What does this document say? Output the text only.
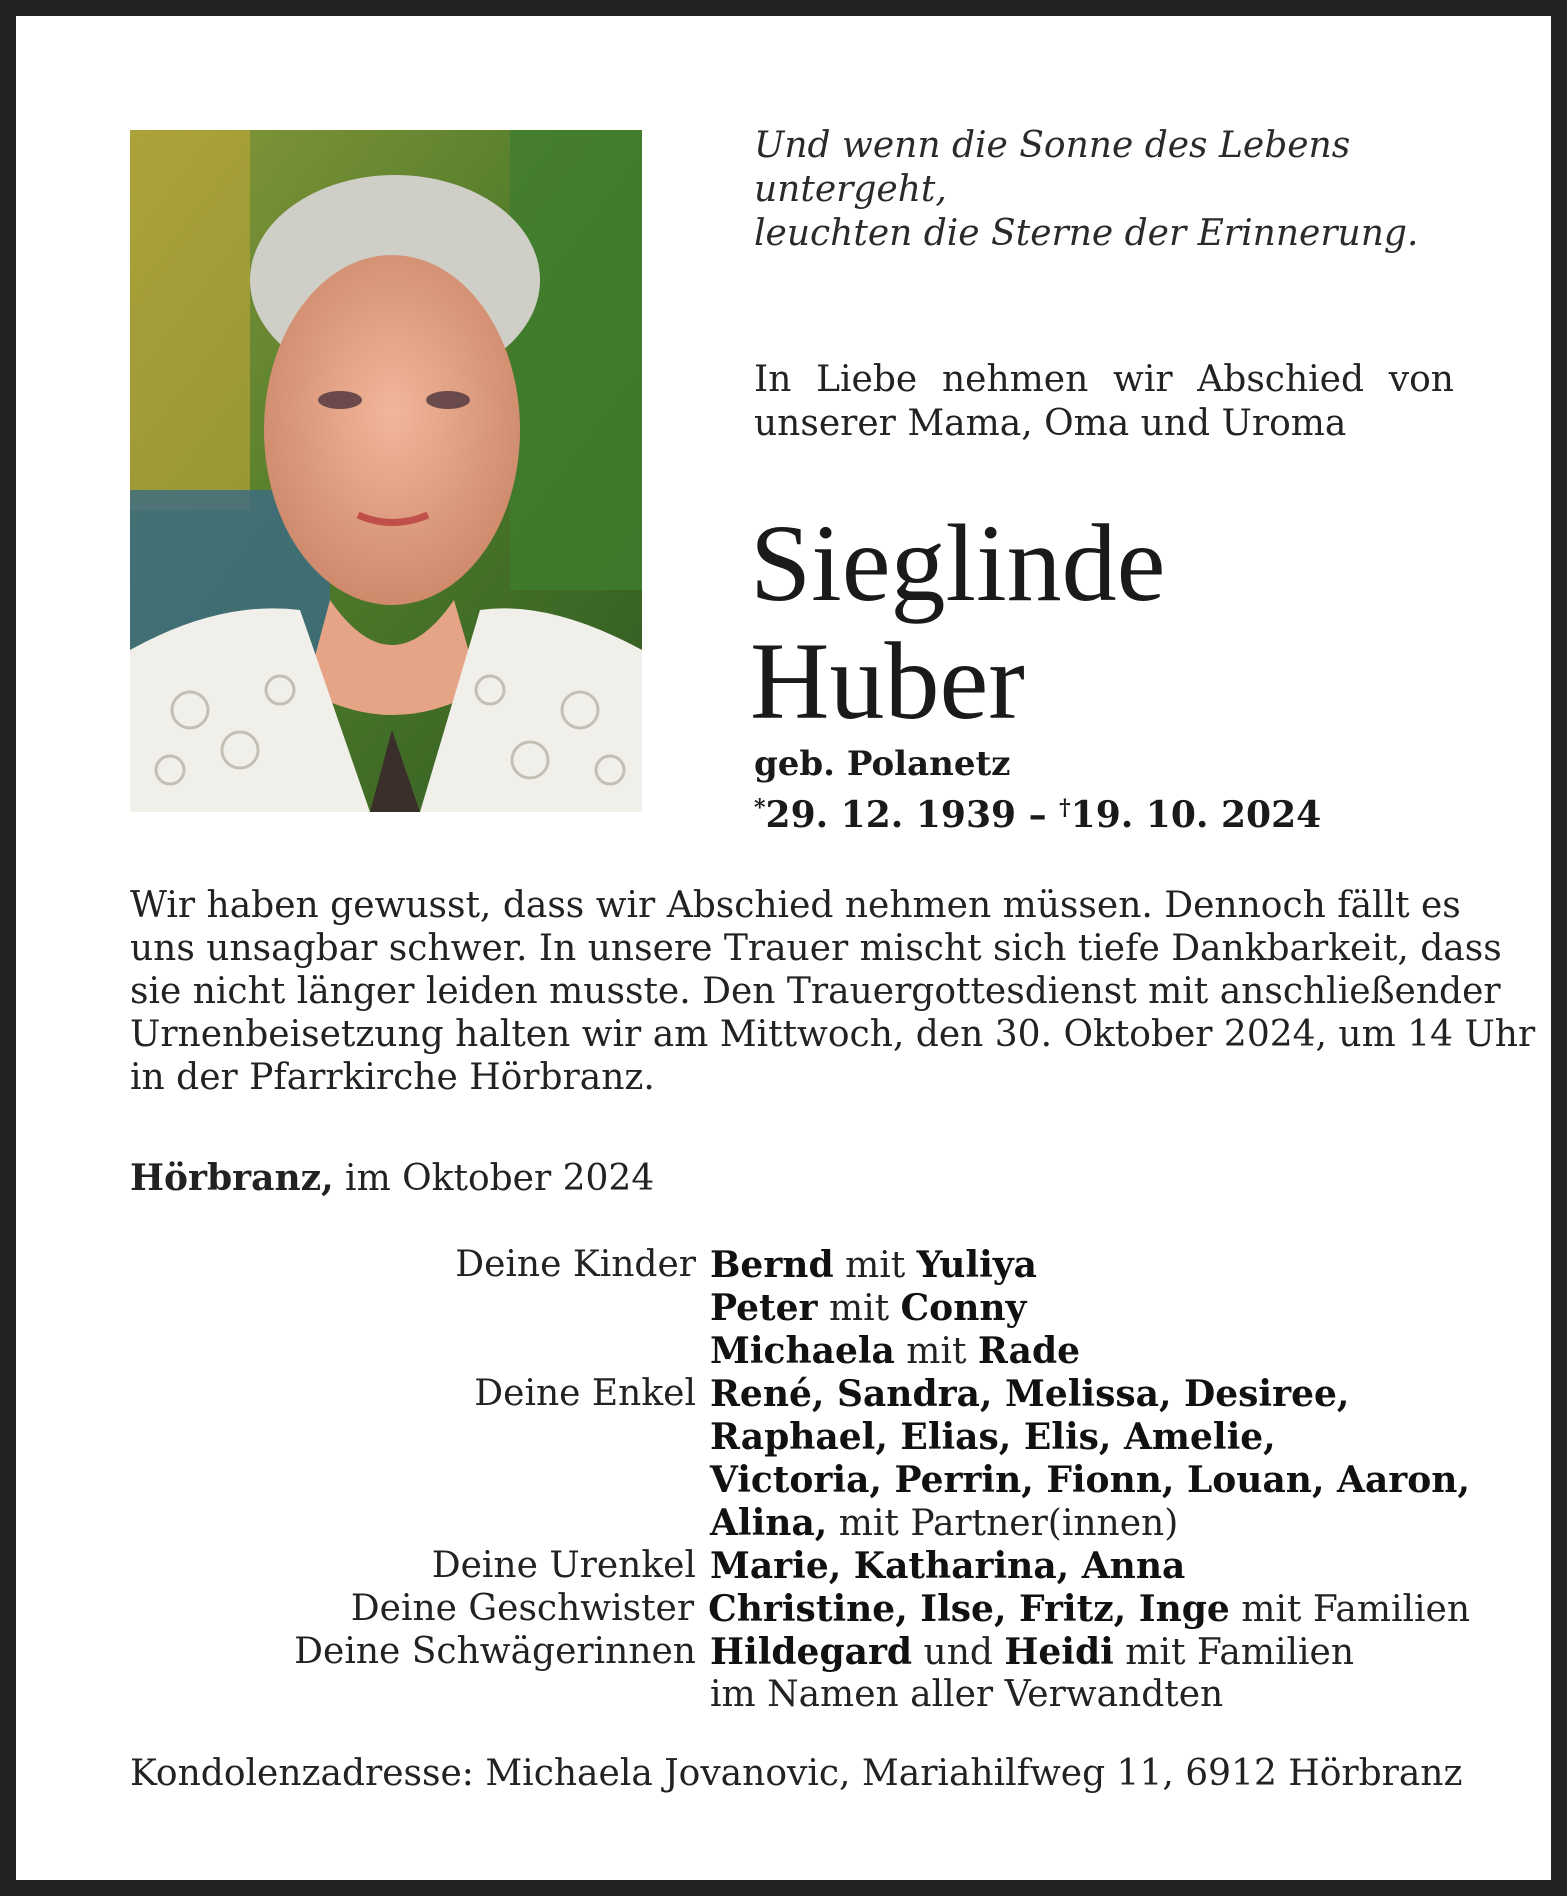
Und wenn die Sonne des Lebens untergeht,
leuchten die Sterne der Erinnerung.
In Liebe nehmen wir Abschied von
unserer Mama, Oma und Uroma
Sieglinde
Huber
geb. Polanetz
*29. 12. 1939 – †19. 10. 2024
Wir haben gewusst, dass wir Abschied nehmen müssen. Dennoch fällt es
uns unsagbar schwer. In unsere Trauer mischt sich tiefe Dankbarkeit, dass
sie nicht länger leiden musste. Den Trauergottesdienst mit anschließender
Urnenbeisetzung halten wir am Mittwoch, den 30. Oktober 2024, um 14 Uhr
in der Pfarrkirche Hörbranz.
Hörbranz, im Oktober 2024
Deine Kinder Bernd mit Yuliya
Peter mit Conny
Michaela mit Rade
Deine Enkel René, Sandra, Melissa, Desiree,
Raphael, Elias, Elis, Amelie,
Victoria, Perrin, Fionn, Louan, Aaron,
Alina, mit Partner(innen)
Deine Urenkel Marie, Katharina, Anna
Deine Geschwister Christine, Ilse, Fritz, Inge mit Familien
Deine Schwägerinnen Hildegard und Heidi mit Familien
im Namen aller Verwandten
Kondolenzadresse: Michaela Jovanovic, Mariahilfweg 11, 6912 Hörbranz
